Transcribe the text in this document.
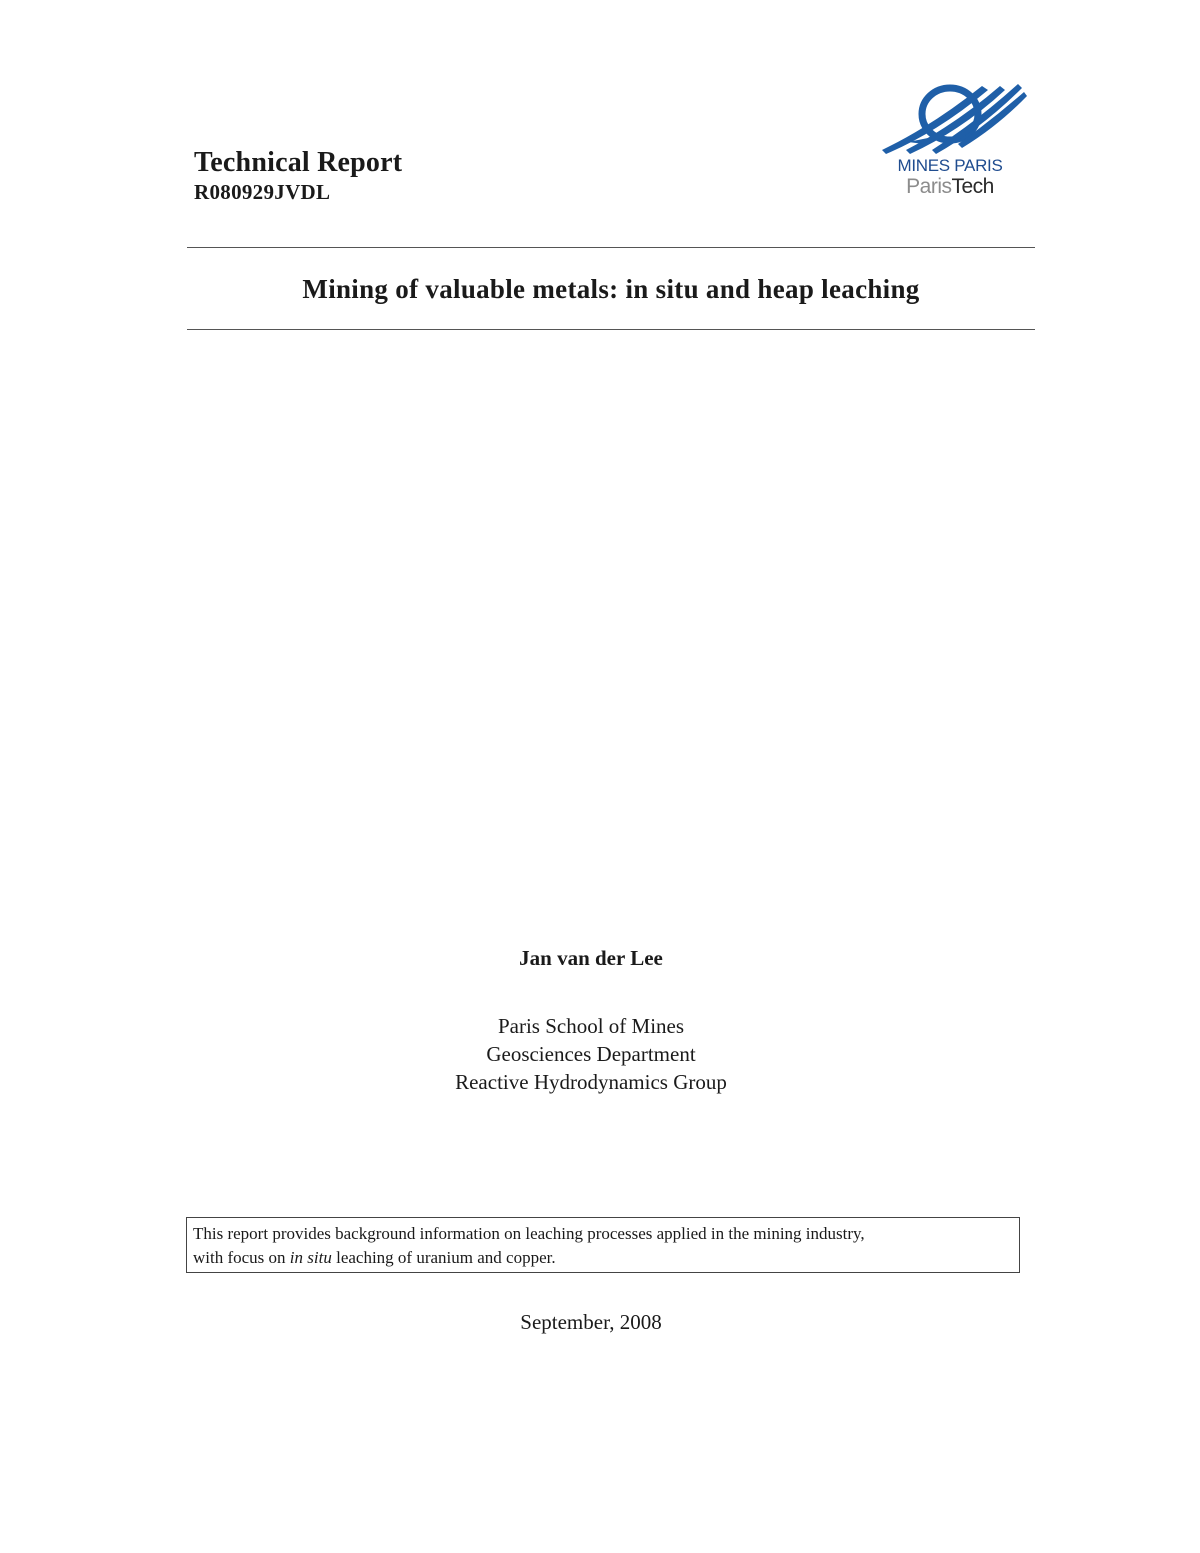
Technical Report
R080929JVDL
MINES PARIS
ParisTech
Mining of valuable metals: in situ and heap leaching
Jan van der Lee
Paris School of Mines
Geosciences Department
Reactive Hydrodynamics Group
This report provides background information on leaching processes applied in the mining industry,
with focus on in situ leaching of uranium and copper.
September, 2008
